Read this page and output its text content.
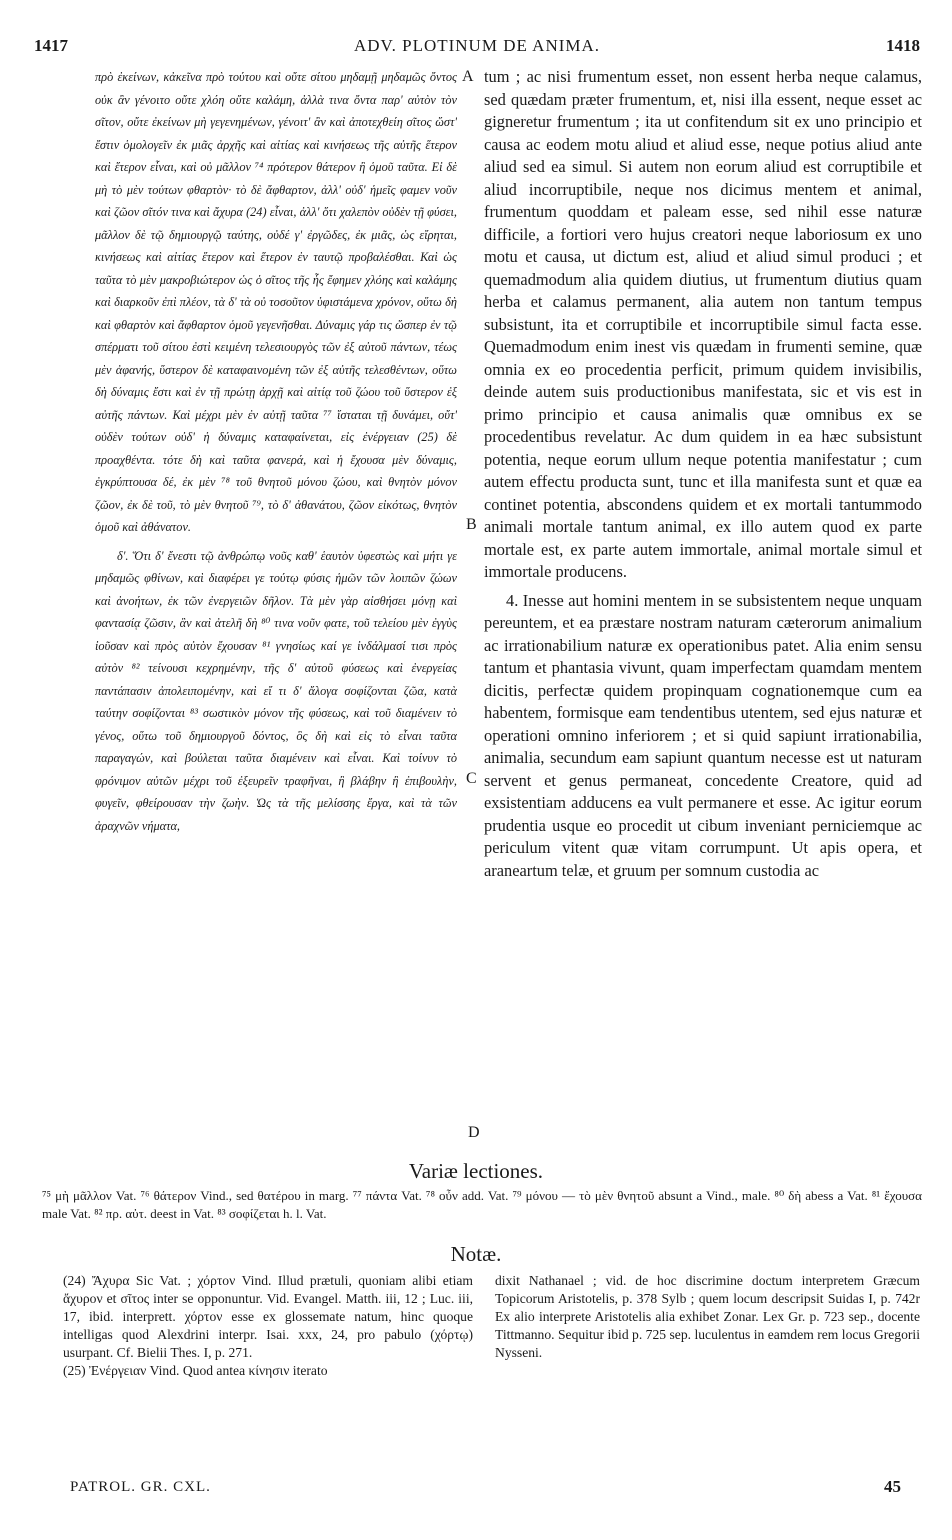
1417	ADV. PLOTINUM DE ANIMA.	1418

πρὸ ἐκείνων, κἀκεῖνα πρὸ τούτου καὶ οὔτε σίτου μηδαμῇ μηδαμῶς ὄντος οὐκ ἂν γένοιτο οὔτε χλόη οὔτε καλάμη, ἀλλὰ τινα ὄντα παρ' αὐτὸν τὸν σῖτον, οὔτε ἐκείνων μὴ γεγενημένων, γένοιτ' ἂν καὶ ἀποτεχθείη σῖτος ὥστ' ἔστιν ὁμολογεῖν ἐκ μιᾶς ἀρχῆς καὶ αἰτίας καὶ κινήσεως τῆς αὐτῆς ἕτερον καὶ ἕτερον εἶναι, καὶ οὐ μᾶλλον ⁷⁴ πρότερον θάτερον ἢ ὁμοῦ ταῦτα. Εἰ δὲ μὴ τὸ μὲν τούτων φθαρτὸν· τὸ δὲ ἄφθαρτον, ἀλλ' οὐδ' ἡμεῖς φαμεν νοῦν καὶ ζῶον σῖτόν τινα καὶ ἄχυρα (24) εἶναι, ἀλλ' ὅτι χαλεπὸν οὐδὲν τῇ φύσει, μᾶλλον δὲ τῷ δημιουργῷ ταύτης, οὐδέ γ' ἐργῶδες, ἐκ μιᾶς, ὡς εἴρηται, κινήσεως καὶ αἰτίας ἕτερον καὶ ἕτερον ἐν ταυτῷ προβαλέσθαι. Καὶ ὡς ταῦτα τὸ μὲν μακροβιώτερον ὡς ὁ σῖτος τῆς ἧς ἔφημεν χλόης καὶ καλάμης καὶ διαρκοῦν ἐπὶ πλέον, τὰ δ' τὰ οὐ τοσοῦτον ὑφιστάμενα χρόνον, οὕτω δὴ καὶ φθαρτὸν καὶ ἄφθαρτον ὁμοῦ γεγενῆσθαι. Δύναμις γάρ τις ὥσπερ ἐν τῷ σπέρματι τοῦ σίτου ἐστὶ κειμένη τελεσιουργὸς τῶν ἐξ αὐτοῦ πάντων, τέως μὲν ἀφανής, ὕστερον δὲ καταφαινομένη τῶν ἐξ αὐτῆς τελεσθέντων, οὕτω δὴ δύναμις ἔστι καὶ ἐν τῇ πρώτῃ ἀρχῇ καὶ αἰτίᾳ τοῦ ζώου τοῦ ὕστερον ἐξ αὐτῆς πάντων. Καὶ μέχρι μὲν ἐν αὐτῇ ταῦτα ⁷⁷ ἵσταται τῇ δυνάμει, οὔτ' οὐδὲν τούτων οὐδ' ἡ δύναμις καταφαίνεται, εἰς ἐνέργειαν (25) δὲ προαχθέντα. τότε δὴ καὶ ταῦτα φανερά, καὶ ἡ ἔχουσα μὲν δύναμις, ἐγκρύπτουσα δέ, ἐκ μὲν ⁷⁸ τοῦ θνητοῦ μόνου ζώου, καὶ θνητὸν μόνον ζῶον, ἐκ δὲ τοῦ, τὸ μὲν θνητοῦ ⁷⁹, τὸ δ' ἀθανάτου, ζῶον εἰκότως, θνητὸν ὁμοῦ καὶ ἀθάνατον.

δ'. Ὅτι δ' ἔνεστι τῷ ἀνθρώπῳ νοῦς καθ' ἑαυτὸν ὑφεστὼς καὶ μήτι γε μηδαμῶς φθίνων, καὶ διαφέρει γε τούτῳ φύσις ἡμῶν τῶν λοιπῶν ζώων καὶ ἀνοήτων, ἐκ τῶν ἐνεργειῶν δῆλον. Τὰ μὲν γὰρ αἰσθήσει μόνῃ καὶ φαντασίᾳ ζῶσιν, ἃν καὶ ἀτελῆ δὴ ⁸⁰ τινα νοῦν φατε, τοῦ τελείου μὲν ἐγγὺς ἰοῦσαν καὶ πρὸς αὐτὸν ἔχουσαν ⁸¹ γνησίως καί γε ἰνδάλμασί τισι πρὸς αὐτὸν ⁸² τείνουσι κεχρημένην, τῆς δ' αὐτοῦ φύσεως καὶ ἐνεργείας παντάπασιν ἀπολειπομένην, καὶ εἴ τι δ' ἄλογα σοφίζονται ζῶα, κατὰ ταύτην σοφίζονται ⁸³ σωστικὸν μόνον τῆς φύσεως, καὶ τοῦ διαμένειν τὸ γένος, οὕτω τοῦ δημιουργοῦ δόντος, ὃς δὴ καὶ εἰς τὸ εἶναι ταῦτα παραγαγών, καὶ βούλεται ταῦτα διαμένειν καὶ εἶναι. Καὶ τοίνυν τὸ φρόνιμον αὐτῶν μέχρι τοῦ ἐξευρεῖν τραφῆναι, ἢ βλάβην ἢ ἐπιβουλὴν, φυγεῖν, φθείρουσαν τὴν ζωὴν. Ὡς τὰ τῆς μελίσσης ἔργα, καὶ τὰ τῶν ἀραχνῶν νήματα,

A
B
C
D

tum ; ac nisi frumentum esset, non essent herba neque calamus, sed quædam præter frumentum, et, nisi illa essent, neque esset ac gigneretur frumentum ; ita ut confitendum sit ex uno principio et causa ac eodem motu aliud et aliud esse, neque potius aliud ante aliud sed ea simul. Si autem non eorum aliud est corruptibile et aliud incorruptibile, neque nos dicimus mentem et animal, frumentum quoddam et paleam esse, sed nihil esse naturæ difficile, a fortiori vero hujus creatori neque laboriosum ex uno motu et causa, ut dictum est, aliud et aliud simul produci ; et quemadmodum alia quidem diutius, ut frumentum diutius quam herba et calamus permanent, alia autem non tantum tempus subsistunt, ita et corruptibile et incorruptibile simul facta esse. Quemadmodum enim inest vis quædam in frumenti semine, quæ omnia ex eo procedentia perficit, primum quidem invisibilis, deinde autem suis productionibus manifestata, sic et vis est in primo principio et causa animalis quæ omnibus ex se procedentibus revelatur. Ac dum quidem in ea hæc subsistunt potentia, neque eorum ullum neque potentia manifestatur ; cum autem effectu producta sunt, tunc et illa manifesta sunt et quæ ea continet potentia, abscondens quidem et ex mortali tantummodo animali mortale tantum animal, ex illo autem quod ex parte mortale est, ex parte autem immortale, animal mortale simul et immortale producens.

4. Inesse aut homini mentem in se subsistentem neque unquam pereuntem, et ea præstare nostram naturam cæterorum animalium ac irrationabilium naturæ ex operationibus patet. Alia enim sensu tantum et phantasia vivunt, quam imperfectam quamdam mentem dicitis, perfectæ quidem propinquam cognationemque cum ea habentem, formisque eam tendentibus utentem, sed ejus naturæ et operationi omnino inferiorem ; et si quid sapiunt irrationabilia, animalia, secundum eam sapiunt quantum necesse est ut naturam servent et genus permaneat, concedente Creatore, quid ad exsistentiam adducens ea vult permanere et esse. Ac igitur eorum prudentia usque eo procedit ut cibum inveniant perniciemque ac periculum vitent quæ vitam corrumpunt. Ut apis opera, et araneartum telæ, et gruum per somnum custodia ac

Variæ lectiones.

⁷⁵ μὴ μᾶλλον Vat. ⁷⁶ θάτερον Vind., sed θατέρου in marg. ⁷⁷ πάντα Vat. ⁷⁸ οὖν add. Vat. ⁷⁹ μόνου — τὸ μὲν θνητοῦ absunt a Vind., male. ⁸⁰ δὴ abess a Vat. ⁸¹ ἔχουσα male Vat. ⁸² πρ. αὐτ. deest in Vat. ⁸³ σοφίζεται h. l. Vat.

Notæ.

(24) Ἄχυρα Sic Vat. ; χόρτον Vind. Illud prætuli, quoniam alibi etiam ἄχυρον et σῖτος inter se opponuntur. Vid. Evangel. Matth. iii, 12 ; Luc. iii, 17, ibid. interprett. χόρτον esse ex glossemate natum, hinc quoque intelligas quod Alexdrini interpr. Isai. xxx, 24, pro pabulo (χόρτῳ) usurpant. Cf. Bielii Thes. I, p. 271.

(25) Ἐνέργειαν Vind. Quod antea κίνησιν iterato

dixit Nathanael ; vid. de hoc discrimine doctum interpretem Græcum Topicorum Aristotelis, p. 378 Sylb ; quem locum descripsit Suidas I, p. 742r Ex alio interprete Aristotelis alia exhibet Zonar. Lex Gr. p. 723 sep., docente Tittmanno. Sequitur ibid p. 725 sep. luculentus in eamdem rem locus Gregorii Nysseni.

PATROL. GR. CXL.	45
